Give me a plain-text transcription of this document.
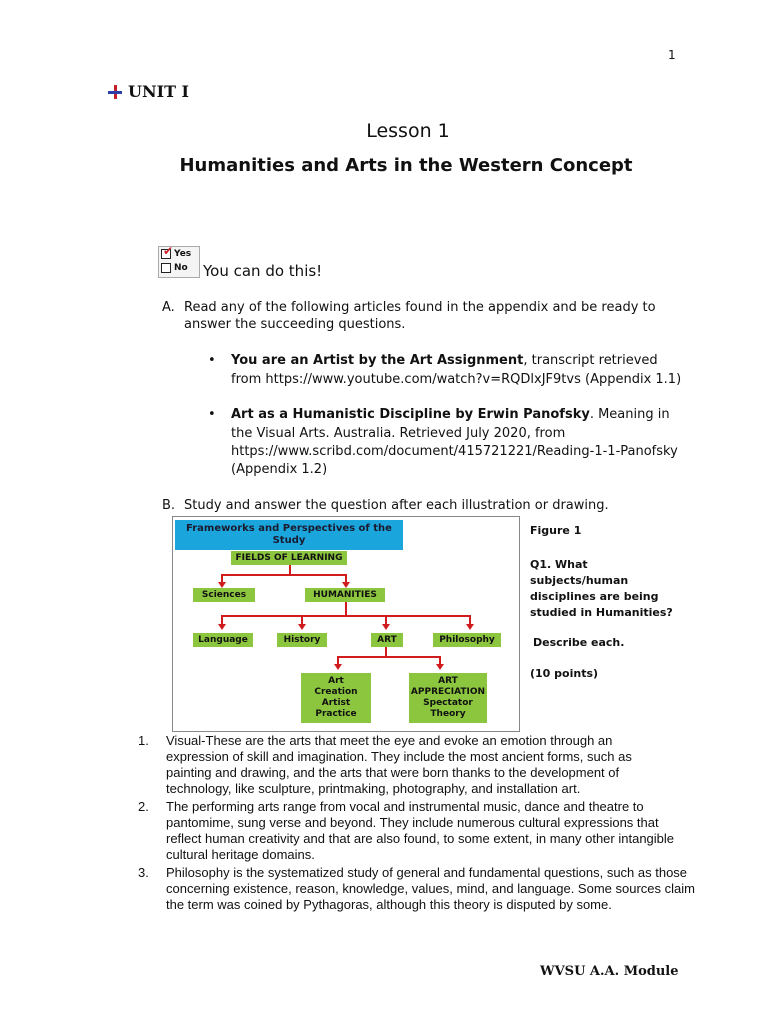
1
UNIT I
Lesson 1
Humanities and Arts in the Western Concept
✔ Yes
No You can do this!
A. Read any of the following articles found in the appendix and be ready to
answer the succeeding questions.
• You are an Artist by the Art Assignment, transcript retrieved
from https://www.youtube.com/watch?v=RQDlxJF9tvs (Appendix 1.1)
• Art as a Humanistic Discipline by Erwin Panofsky. Meaning in
the Visual Arts. Australia. Retrieved July 2020, from
https://www.scribd.com/document/415721221/Reading-1-1-Panofsky
(Appendix 1.2)
B. Study and answer the question after each illustration or drawing.
Frameworks and Perspectives of the
Study
FIELDS OF LEARNING
Sciences	HUMANITIES
Language	History	ART	Philosophy
Art
Creation
Artist
Practice
ART
APPRECIATION
Spectator
Theory
Figure 1
Q1. What
subjects/human
disciplines are being
studied in Humanities?
Describe each.
(10 points)
1.	Visual-These are the arts that meet the eye and evoke an emotion through an
expression of skill and imagination. They include the most ancient forms, such as
painting and drawing, and the arts that were born thanks to the development of
technology, like sculpture, printmaking, photography, and installation art.
2.	The performing arts range from vocal and instrumental music, dance and theatre to
pantomime, sung verse and beyond. They include numerous cultural expressions that
reflect human creativity and that are also found, to some extent, in many other intangible
cultural heritage domains.
3.	Philosophy is the systematized study of general and fundamental questions, such as those
concerning existence, reason, knowledge, values, mind, and language. Some sources claim
the term was coined by Pythagoras, although this theory is disputed by some.
WVSU A.A. Module
